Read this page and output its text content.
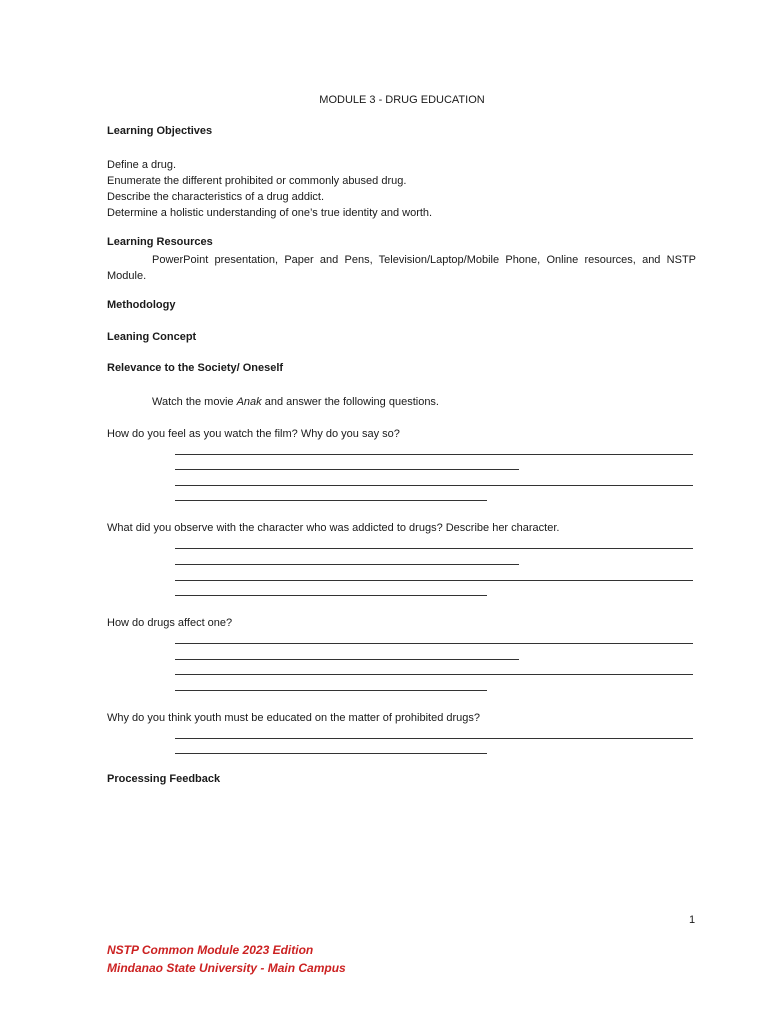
MODULE 3 - DRUG EDUCATION
Learning Objectives
Define a drug.
Enumerate the different prohibited or commonly abused drug.
Describe the characteristics of a drug addict.
Determine a holistic understanding of one’s true identity and worth.
Learning Resources
PowerPoint presentation, Paper and Pens, Television/Laptop/Mobile Phone, Online resources, and NSTP Module.
Methodology
Leaning Concept
Relevance to the Society/ Oneself
Watch the movie Anak and answer the following questions.
How do you feel as you watch the film? Why do you say so?
What did you observe with the character who was addicted to drugs? Describe her character.
How do drugs affect one?
Why do you think youth must be educated on the matter of prohibited drugs?
Processing Feedback
1
NSTP Common Module 2023 Edition
Mindanao State University - Main Campus
